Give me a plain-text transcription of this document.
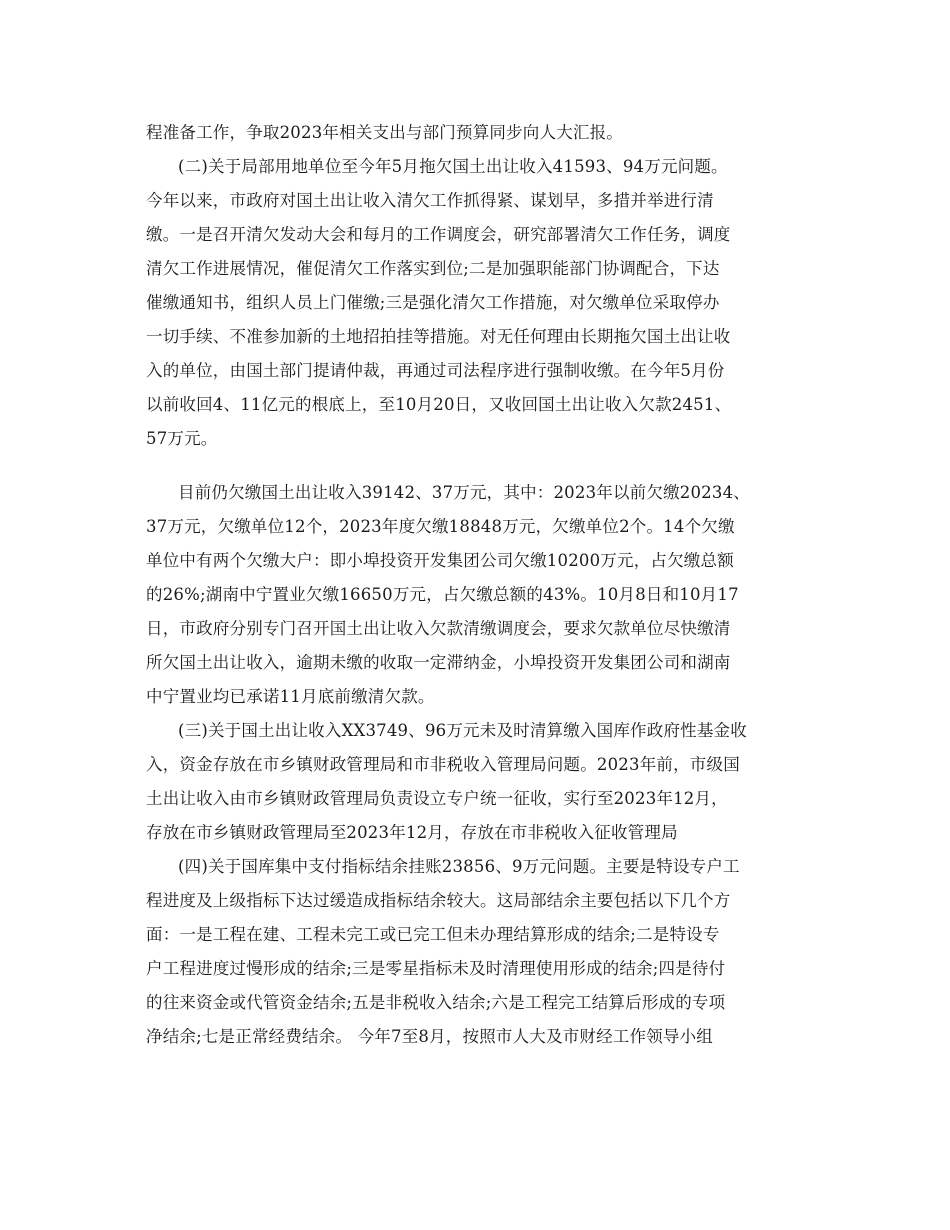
程准备工作，争取2023年相关支出与部门预算同步向人大汇报。
(二)关于局部用地单位至今年5月拖欠国土出让收入41593、94万元问题。
今年以来，市政府对国土出让收入清欠工作抓得紧、谋划早，多措并举进行清
缴。一是召开清欠发动大会和每月的工作调度会，研究部署清欠工作任务，调度
清欠工作进展情况，催促清欠工作落实到位;二是加强职能部门协调配合，下达
催缴通知书，组织人员上门催缴;三是强化清欠工作措施，对欠缴单位采取停办
一切手续、不准参加新的土地招拍挂等措施。对无任何理由长期拖欠国土出让收
入的单位，由国土部门提请仲裁，再通过司法程序进行强制收缴。在今年5月份
以前收回4、11亿元的根底上，至10月20日，又收回国土出让收入欠款2451、
57万元。
目前仍欠缴国土出让收入39142、37万元，其中：2023年以前欠缴20234、
37万元，欠缴单位12个，2023年度欠缴18848万元，欠缴单位2个。14个欠缴
单位中有两个欠缴大户：即小埠投资开发集团公司欠缴10200万元，占欠缴总额
的26%;湖南中宁置业欠缴16650万元，占欠缴总额的43%。10月8日和10月17
日，市政府分别专门召开国土出让收入欠款清缴调度会，要求欠款单位尽快缴清
所欠国土出让收入，逾期未缴的收取一定滞纳金，小埠投资开发集团公司和湖南
中宁置业均已承诺11月底前缴清欠款。
(三)关于国土出让收入XX3749、96万元未及时清算缴入国库作政府性基金收
入，资金存放在市乡镇财政管理局和市非税收入管理局问题。2023年前，市级国
土出让收入由市乡镇财政管理局负责设立专户统一征收，实行至2023年12月，
存放在市乡镇财政管理局至2023年12月，存放在市非税收入征收管理局
(四)关于国库集中支付指标结余挂账23856、9万元问题。主要是特设专户工
程进度及上级指标下达过缓造成指标结余较大。这局部结余主要包括以下几个方
面：一是工程在建、工程未完工或已完工但未办理结算形成的结余;二是特设专
户工程进度过慢形成的结余;三是零星指标未及时清理使用形成的结余;四是待付
的往来资金或代管资金结余;五是非税收入结余;六是工程完工结算后形成的专项
净结余;七是正常经费结余。 今年7至8月，按照市人大及市财经工作领导小组
